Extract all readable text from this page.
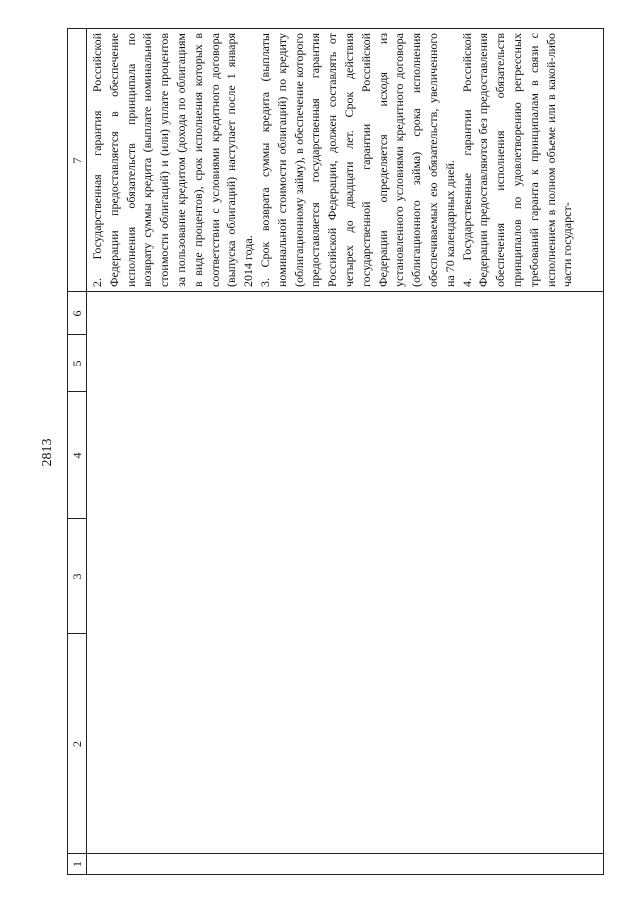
2813
1
2
3
4
5
6
7 2. Государственная гарантия Российской Федерации предоставляется в обеспечение исполнения обязательств принципала по возврату суммы кредита (выплате номинальной стоимости облигаций) и (или) уплате процентов за пользование кредитом (дохода по облигациям в виде процентов), срок исполнения которых в соответствии с условиями кредитного договора (выпуска облигаций) наступает после 1 января 2014 года. 3. Срок возврата суммы кредита (выплаты номинальной стоимости облигаций) по кредиту (облигационному займу), в обеспечение которого предоставляется государственная гарантия Российской Федерации, должен составлять от четырех до двадцати лет. Срок действия государственной гарантии Российской Федерации определяется исходя из установленного условиями кредитного договора (облигационного займа) срока исполнения обеспечиваемых ею обязательств, увеличенного на 70 календарных дней. 4. Государственные гарантии Российской Федерации предоставляются без предоставления обеспечения исполнения обязательств принципалов по удовлетворению регрессных требований гаранта к принципалам в связи с исполнением в полном объеме или в какой-либо части государст-
